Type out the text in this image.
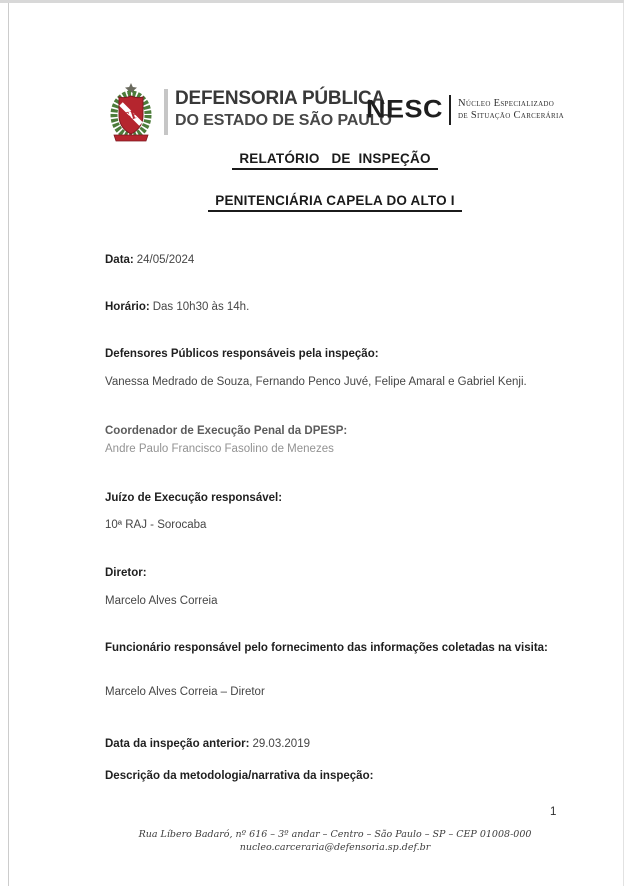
SP
DEFENSORIA PÚBLICA
DO ESTADO DE SÃO PAULO
NESC Núcleo Especializado
de Situação Carcerária
RELATÓRIO   DE  INSPEÇÃO
PENITENCIÁRIA CAPELA DO ALTO I
Data: 24/05/2024
Horário: Das 10h30 às 14h.
Defensores Públicos responsáveis pela inspeção:
Vanessa Medrado de Souza, Fernando Penco Juvé, Felipe Amaral e Gabriel Kenji.
Coordenador de Execução Penal da DPESP:
Andre Paulo Francisco Fasolino de Menezes
Juízo de Execução responsável:
10ª RAJ - Sorocaba
Diretor:
Marcelo Alves Correia
Funcionário responsável pelo fornecimento das informações coletadas na visita:
Marcelo Alves Correia – Diretor
Data da inspeção anterior: 29.03.2019
Descrição da metodologia/narrativa da inspeção:
1
Rua Líbero Badaró, nº 616 – 3º andar – Centro – São Paulo – SP – CEP 01008-000
nucleo.carceraria@defensoria.sp.def.br
